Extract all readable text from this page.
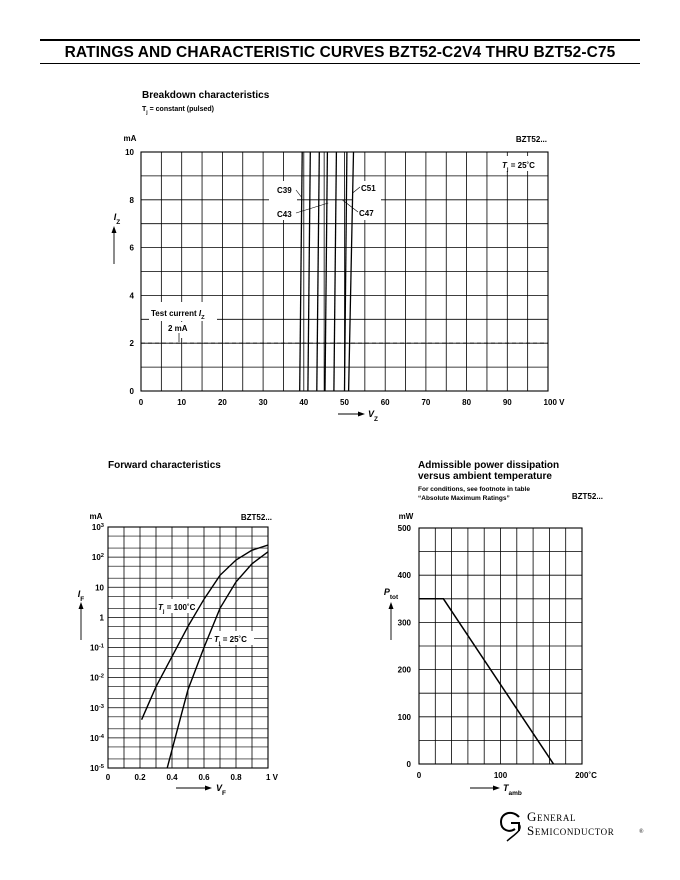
RATINGS AND CHARACTERISTIC CURVES BZT52-C2V4 THRU BZT52-C75
Breakdown characteristics
$T_j$ = constant (pulsed)
C39
C43
C51
C47
BZT52...
$T_j$ = 25˚C
Test current $I_Z$
2 mA
0	10	20	30	40	50	60	70	80	90	100 V
0
2
4
6
8
10
mA
$I_Z$
$V_Z$
Forward characteristics
$T_j$ = 100˚C
$T_j$ = 25˚C
BZT52...
0	0.2	0.4	0.6	0.8	1 V
$10^{-5}$
$10^{-4}$
$10^{-3}$
$10^{-2}$
$10^{-1}$
1
10
$10^2$
$10^3$
mA
$I_F$
$V_F$
Admissible power dissipation
versus ambient temperature
For conditions, see footnote in table
“Absolute Maximum Ratings”	BZT52...
0	100	200˚C
0
100
200
300
400
500
mW
$P_{tot}$
$T_{amb}$
General
Semiconductor	®
